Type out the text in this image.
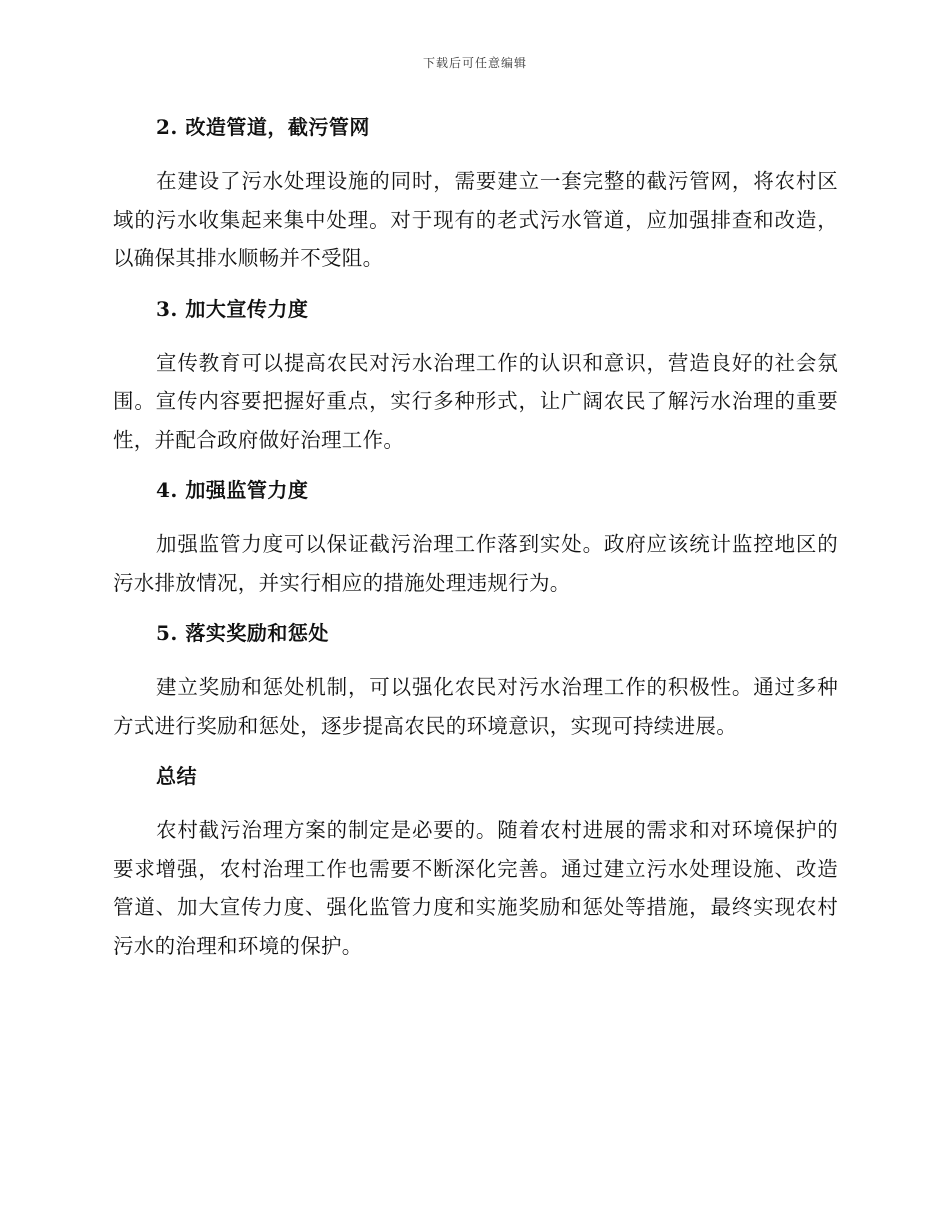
下载后可任意编辑
2. 改造管道，截污管网
在建设了污水处理设施的同时，需要建立一套完整的截污管网，将农村区域的污水收集起来集中处理。对于现有的老式污水管道，应加强排查和改造，以确保其排水顺畅并不受阻。
3. 加大宣传力度
宣传教育可以提高农民对污水治理工作的认识和意识，营造良好的社会氛围。宣传内容要把握好重点，实行多种形式，让广阔农民了解污水治理的重要性，并配合政府做好治理工作。
4. 加强监管力度
加强监管力度可以保证截污治理工作落到实处。政府应该统计监控地区的污水排放情况，并实行相应的措施处理违规行为。
5. 落实奖励和惩处
建立奖励和惩处机制，可以强化农民对污水治理工作的积极性。通过多种方式进行奖励和惩处，逐步提高农民的环境意识，实现可持续进展。
总结
农村截污治理方案的制定是必要的。随着农村进展的需求和对环境保护的要求增强，农村治理工作也需要不断深化完善。通过建立污水处理设施、改造管道、加大宣传力度、强化监管力度和实施奖励和惩处等措施，最终实现农村污水的治理和环境的保护。
